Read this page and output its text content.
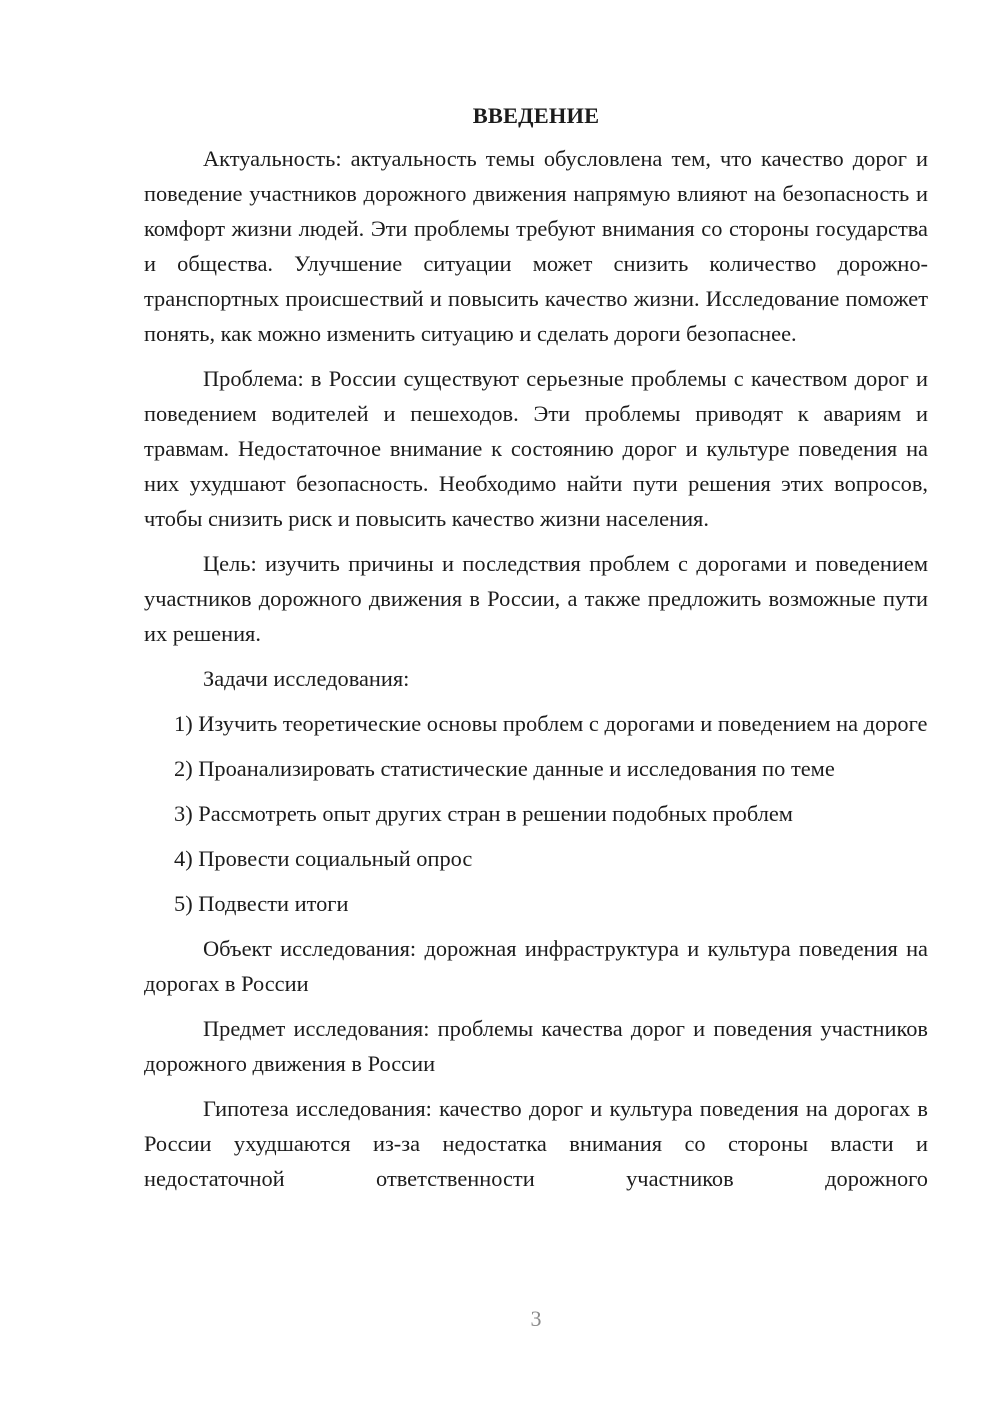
ВВЕДЕНИЕ

Актуальность: актуальность темы обусловлена тем, что качество дорог и поведение участников дорожного движения напрямую влияют на безопасность и комфорт жизни людей. Эти проблемы требуют внимания со стороны государства и общества. Улучшение ситуации может снизить количество дорожно-транспортных происшествий и повысить качество жизни. Исследование поможет понять, как можно изменить ситуацию и сделать дороги безопаснее.

Проблема: в России существуют серьезные проблемы с качеством дорог и поведением водителей и пешеходов. Эти проблемы приводят к авариям и травмам. Недостаточное внимание к состоянию дорог и культуре поведения на них ухудшают безопасность. Необходимо найти пути решения этих вопросов, чтобы снизить риск и повысить качество жизни населения.

Цель: изучить причины и последствия проблем с дорогами и поведением участников дорожного движения в России, а также предложить возможные пути их решения.

Задачи исследования:

1) Изучить теоретические основы проблем с дорогами и поведением на дороге

2) Проанализировать статистические данные и исследования по теме

3) Рассмотреть опыт других стран в решении подобных проблем

4) Провести социальный опрос

5) Подвести итоги

Объект исследования: дорожная инфраструктура и культура поведения на дорогах в России

Предмет исследования: проблемы качества дорог и поведения участников дорожного движения в России

Гипотеза исследования: качество дорог и культура поведения на дорогах в России ухудшаются из-за недостатка внимания со стороны власти и недостаточной ответственности участников дорожного

3
